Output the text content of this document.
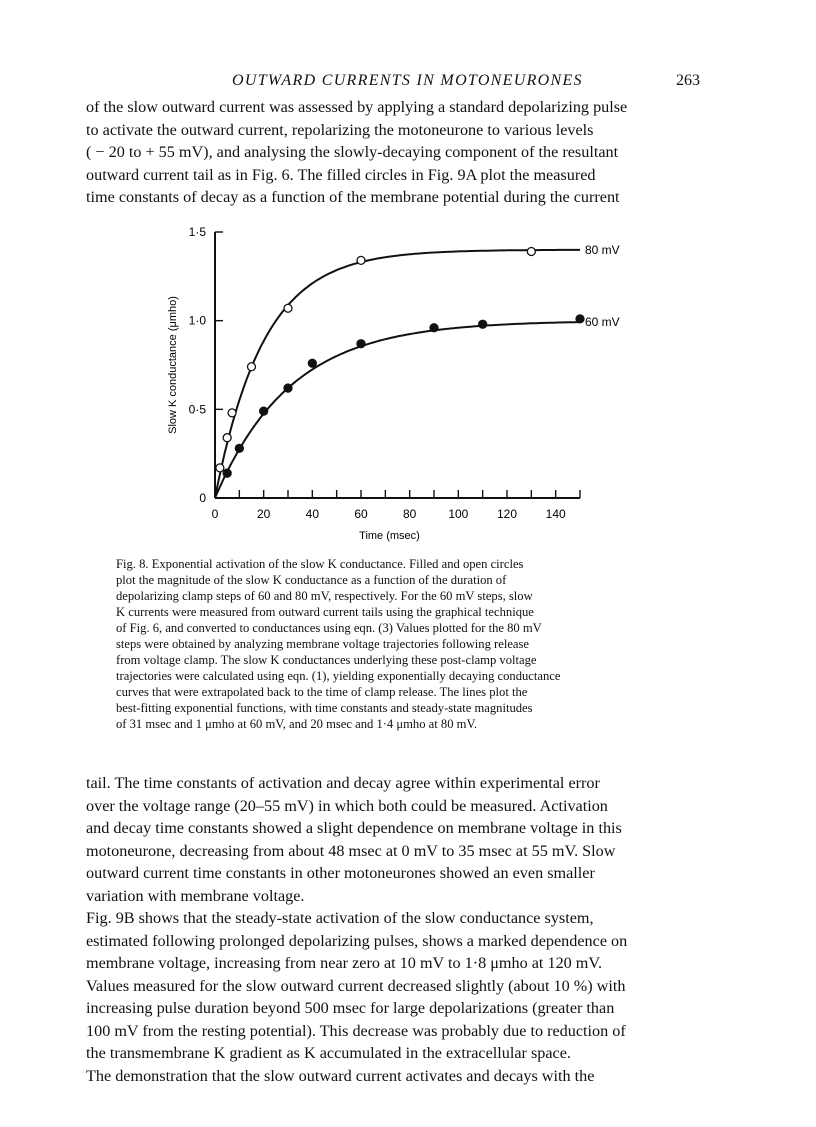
OUTWARD CURRENTS IN MOTONEURONES	263
of the slow outward current was assessed by applying a standard depolarizing pulse
to activate the outward current, repolarizing the motoneurone to various levels
( − 20 to + 55 mV), and analysing the slowly-decaying component of the resultant
outward current tail as in Fig. 6. The filled circles in Fig. 9A plot the measured
time constants of decay as a function of the membrane potential during the current
0	20	40	60	80	100 120 140
0
0·5
1·0
1·5
Time (msec)
Slow K conductance (μmho)
80 mV
60 mV
Fig. 8. Exponential activation of the slow K conductance. Filled and open circles
plot the magnitude of the slow K conductance as a function of the duration of
depolarizing clamp steps of 60 and 80 mV, respectively. For the 60 mV steps, slow
K currents were measured from outward current tails using the graphical technique
of Fig. 6, and converted to conductances using eqn. (3) Values plotted for the 80 mV
steps were obtained by analyzing membrane voltage trajectories following release
from voltage clamp. The slow K conductances underlying these post-clamp voltage
trajectories were calculated using eqn. (1), yielding exponentially decaying conductance
curves that were extrapolated back to the time of clamp release. The lines plot the
best-fitting exponential functions, with time constants and steady-state magnitudes
of 31 msec and 1 μmho at 60 mV, and 20 msec and 1·4 μmho at 80 mV.
tail. The time constants of activation and decay agree within experimental error
over the voltage range (20–55 mV) in which both could be measured. Activation
and decay time constants showed a slight dependence on membrane voltage in this
motoneurone, decreasing from about 48 msec at 0 mV to 35 msec at 55 mV. Slow
outward current time constants in other motoneurones showed an even smaller
variation with membrane voltage.
Fig. 9B shows that the steady-state activation of the slow conductance system,
estimated following prolonged depolarizing pulses, shows a marked dependence on
membrane voltage, increasing from near zero at 10 mV to 1·8 μmho at 120 mV.
Values measured for the slow outward current decreased slightly (about 10 %) with
increasing pulse duration beyond 500 msec for large depolarizations (greater than
100 mV from the resting potential). This decrease was probably due to reduction of
the transmembrane K gradient as K accumulated in the extracellular space.
The demonstration that the slow outward current activates and decays with the
